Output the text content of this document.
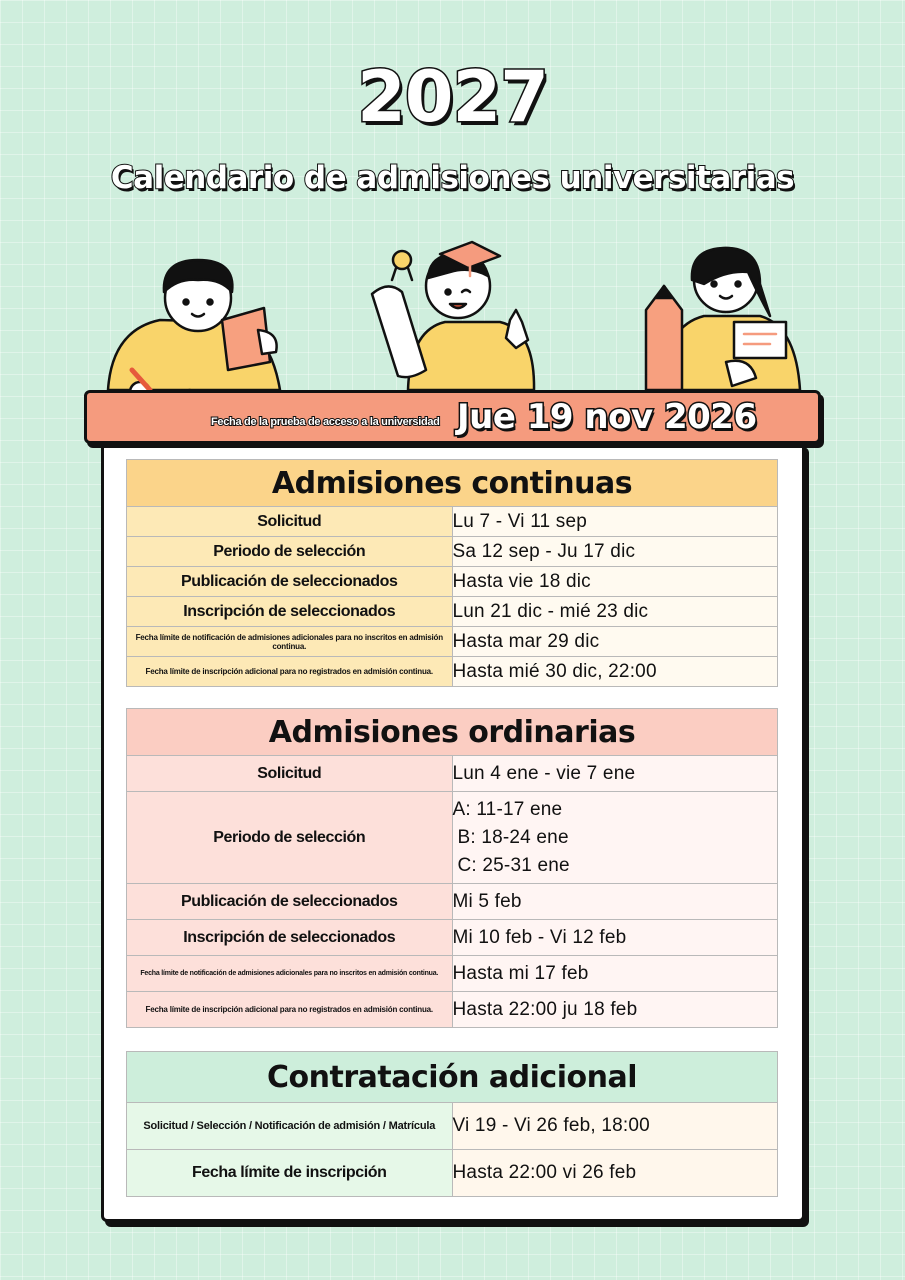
2027
Calendario de admisiones universitarias
Fecha de la prueba de acceso a la universidad Jue 19 nov 2026
Admisiones continuas	
Solicitud	Lu 7 - Vi 11 sep
Periodo de selección	Sa 12 sep - Ju 17 dic
Publicación de seleccionados	Hasta vie 18 dic
Inscripción de seleccionados	Lun 21 dic - mié 23 dic
Fecha límite de notificación de admisiones adicionales para no inscritos en admisión continua.	Hasta mar 29 dic
Fecha límite de inscripción adicional para no registrados en admisión continua.	Hasta mié 30 dic, 22:00
Admisiones ordinarias	
Solicitud	Lun 4 ene - vie 7 ene
Periodo de selección	A: 11-17 ene
B: 18-24 ene
C: 25-31 ene

Publicación de seleccionados	Mi 5 feb
Inscripción de seleccionados	Mi 10 feb - Vi 12 feb
Fecha límite de notificación de admisiones adicionales para no inscritos en admisión continua.	Hasta mi 17 feb
Fecha límite de inscripción adicional para no registrados en admisión continua.	Hasta 22:00 ju 18 feb
Contratación adicional	
Solicitud / Selección / Notificación de admisión / Matrícula	Vi 19 - Vi 26 feb, 18:00
Fecha límite de inscripción	Hasta 22:00 vi 26 feb
